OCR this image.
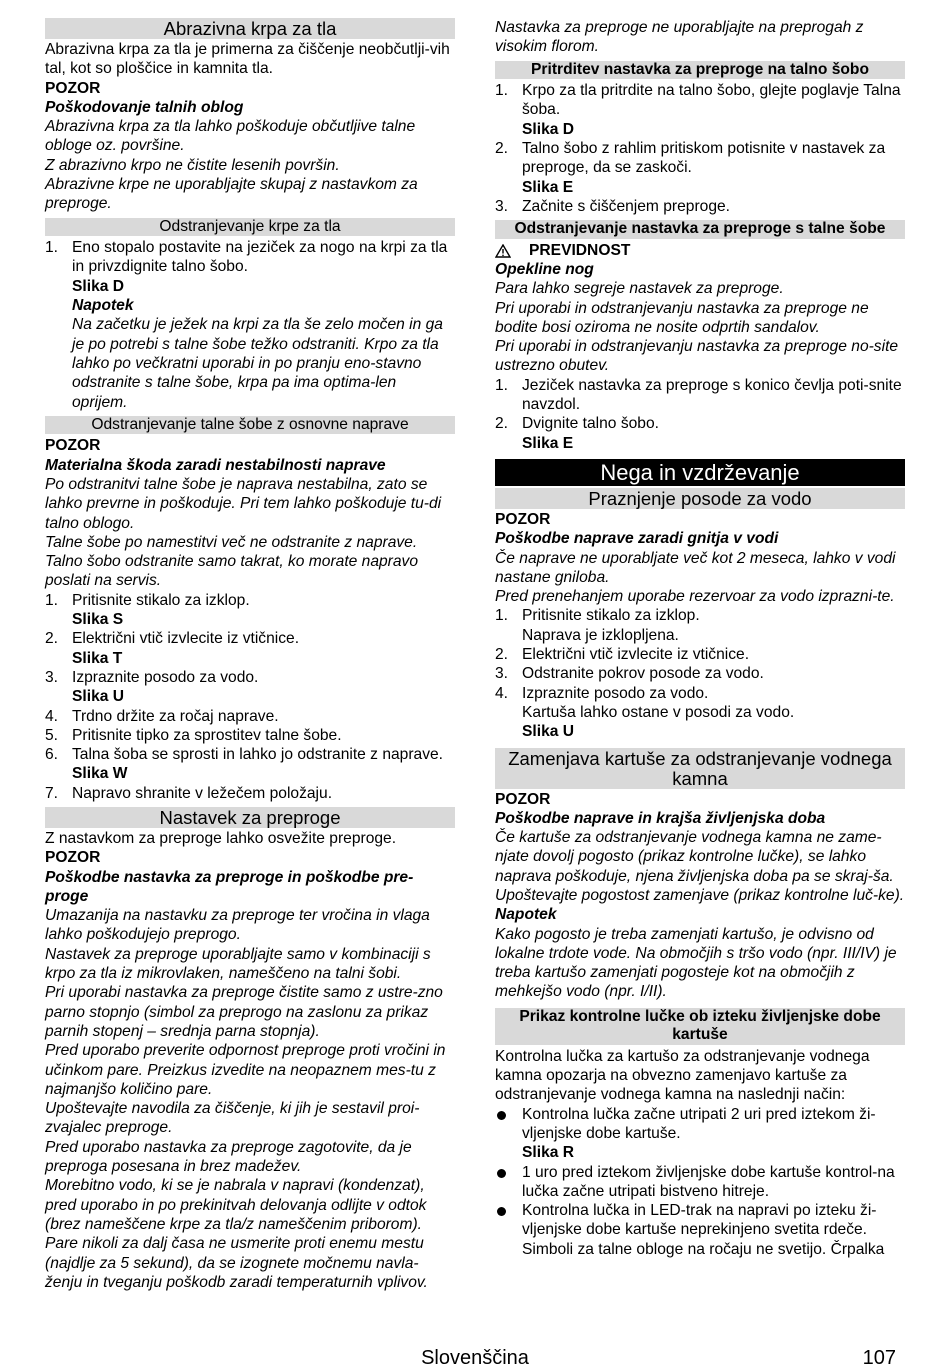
Abrazivna krpa za tla

Abrazivna krpa za tla je primerna za čiščenje neobčutlji-vih tal, kot so ploščice in kamnita tla.

POZOR

Poškodovanje talnih oblog

Abrazivna krpa za tla lahko poškoduje občutljive talne obloge oz. površine.

Z abrazivno krpo ne čistite lesenih površin.

Abrazivne krpe ne uporabljajte skupaj z nastavkom za preproge.

Odstranjevanje krpe za tla
1. Eno stopalo postavite na jeziček za nogo na krpi za tla in privzdignite talno šobo.
Slika D
Napotek
Na začetku je ježek na krpi za tla še zelo močen in ga je po potrebi s talne šobe težko odstraniti. Krpo za tla lahko po večkratni uporabi in po pranju eno-stavno odstranite s talne šobe, krpa pa ima optima-len oprijem.
Odstranjevanje talne šobe z osnovne naprave

POZOR

Materialna škoda zaradi nestabilnosti naprave

Po odstranitvi talne šobe je naprava nestabilna, zato se lahko prevrne in poškoduje. Pri tem lahko poškoduje tu-di talno oblogo.

Talne šobe po namestitvi več ne odstranite z naprave. Talno šobo odstranite samo takrat, ko morate napravo poslati na servis.

1. Pritisnite stikalo za izklop.
Slika S
2. Električni vtič izvlecite iz vtičnice.
Slika T
3. Izpraznite posodo za vodo.
Slika U
4. Trdno držite za ročaj naprave.
5. Pritisnite tipko za sprostitev talne šobe.
6. Talna šoba se sprosti in lahko jo odstranite z naprave.
Slika W
7. Napravo shranite v ležečem položaju.
Nastavek za preproge

Z nastavkom za preproge lahko osvežite preproge.

POZOR

Poškodbe nastavka za preproge in poškodbe pre-proge

Umazanija na nastavku za preproge ter vročina in vlaga lahko poškodujejo preprogo.

Nastavek za preproge uporabljajte samo v kombinaciji s krpo za tla iz mikrovlaken, nameščeno na talni šobi.

Pri uporabi nastavka za preproge čistite samo z ustre-zno parno stopnjo (simbol za preprogo na zaslonu za prikaz parnih stopenj – srednja parna stopnja).

Pred uporabo preverite odpornost preproge proti vročini in učinkom pare. Preizkus izvedite na neopaznem mes-tu z najmanjšo količino pare.

Upoštevajte navodila za čiščenje, ki jih je sestavil proi-zvajalec preproge.

Pred uporabo nastavka za preproge zagotovite, da je preproga posesana in brez madežev.

Morebitno vodo, ki se je nabrala v napravi (kondenzat), pred uporabo in po prekinitvah delovanja odlijte v odtok (brez nameščene krpe za tla/z nameščenim priborom).

Pare nikoli za dalj časa ne usmerite proti enemu mestu (najdlje za 5 sekund), da se izognete močnemu navla-ženju in tveganju poškodb zaradi temperaturnih vplivov.

Nastavka za preproge ne uporabljajte na preprogah z visokim florom.

Pritrditev nastavka za preproge na talno šobo
1. Krpo za tla pritrdite na talno šobo, glejte poglavje Talna šoba.
Slika D
2. Talno šobo z rahlim pritiskom potisnite v nastavek za preproge, da se zaskoči.
Slika E
3. Začnite s čiščenjem preproge.
Odstranjevanje nastavka za preproge s talne šobe

PREVIDNOST

Opekline nog

Para lahko segreje nastavek za preproge.

Pri uporabi in odstranjevanju nastavka za preproge ne bodite bosi oziroma ne nosite odprtih sandalov.

Pri uporabi in odstranjevanju nastavka za preproge no-site ustrezno obutev.

1. Jeziček nastavka za preproge s konico čevlja poti-snite navzdol.
2. Dvignite talno šobo.
Slika E
Nega in vzdrževanje
Praznjenje posode za vodo

POZOR

Poškodbe naprave zaradi gnitja v vodi

Če naprave ne uporabljate več kot 2 meseca, lahko v vodi nastane gniloba.

Pred prenehanjem uporabe rezervoar za vodo izprazni-te.

1. Pritisnite stikalo za izklop.
Naprava je izklopljena.
2. Električni vtič izvlecite iz vtičnice.
3. Odstranite pokrov posode za vodo.
4. Izpraznite posodo za vodo.
Kartuša lahko ostane v posodi za vodo.
Slika U
Zamenjava kartuše za odstranjevanje vodnega kamna

POZOR

Poškodbe naprave in krajša življenjska doba

Če kartuše za odstranjevanje vodnega kamna ne zame-njate dovolj pogosto (prikaz kontrolne lučke), se lahko naprava poškoduje, njena življenjska doba pa se skraj-ša.

Upoštevajte pogostost zamenjave (prikaz kontrolne luč-ke).

Napotek

Kako pogosto je treba zamenjati kartušo, je odvisno od lokalne trdote vode. Na območjih s tršo vodo (npr. III/IV) je treba kartušo zamenjati pogosteje kot na območjih z mehkejšo vodo (npr. I/II).

Prikaz kontrolne lučke ob izteku življenjske dobe kartuše

Kontrolna lučka za kartušo za odstranjevanje vodnega kamna opozarja na obvezno zamenjavo kartuše za odstranjevanje vodnega kamna na naslednji način:

Kontrolna lučka začne utripati 2 uri pred iztekom ži-vljenjske dobe kartuše.
Slika R
1 uro pred iztekom življenjske dobe kartuše kontrol-na lučka začne utripati bistveno hitreje.
Kontrolna lučka in LED-trak na napravi po izteku ži-vljenjske dobe kartuše neprekinjeno svetita rdeče. Simboli za talne obloge na ročaju ne svetijo. Črpalka
Slovenščina	107
